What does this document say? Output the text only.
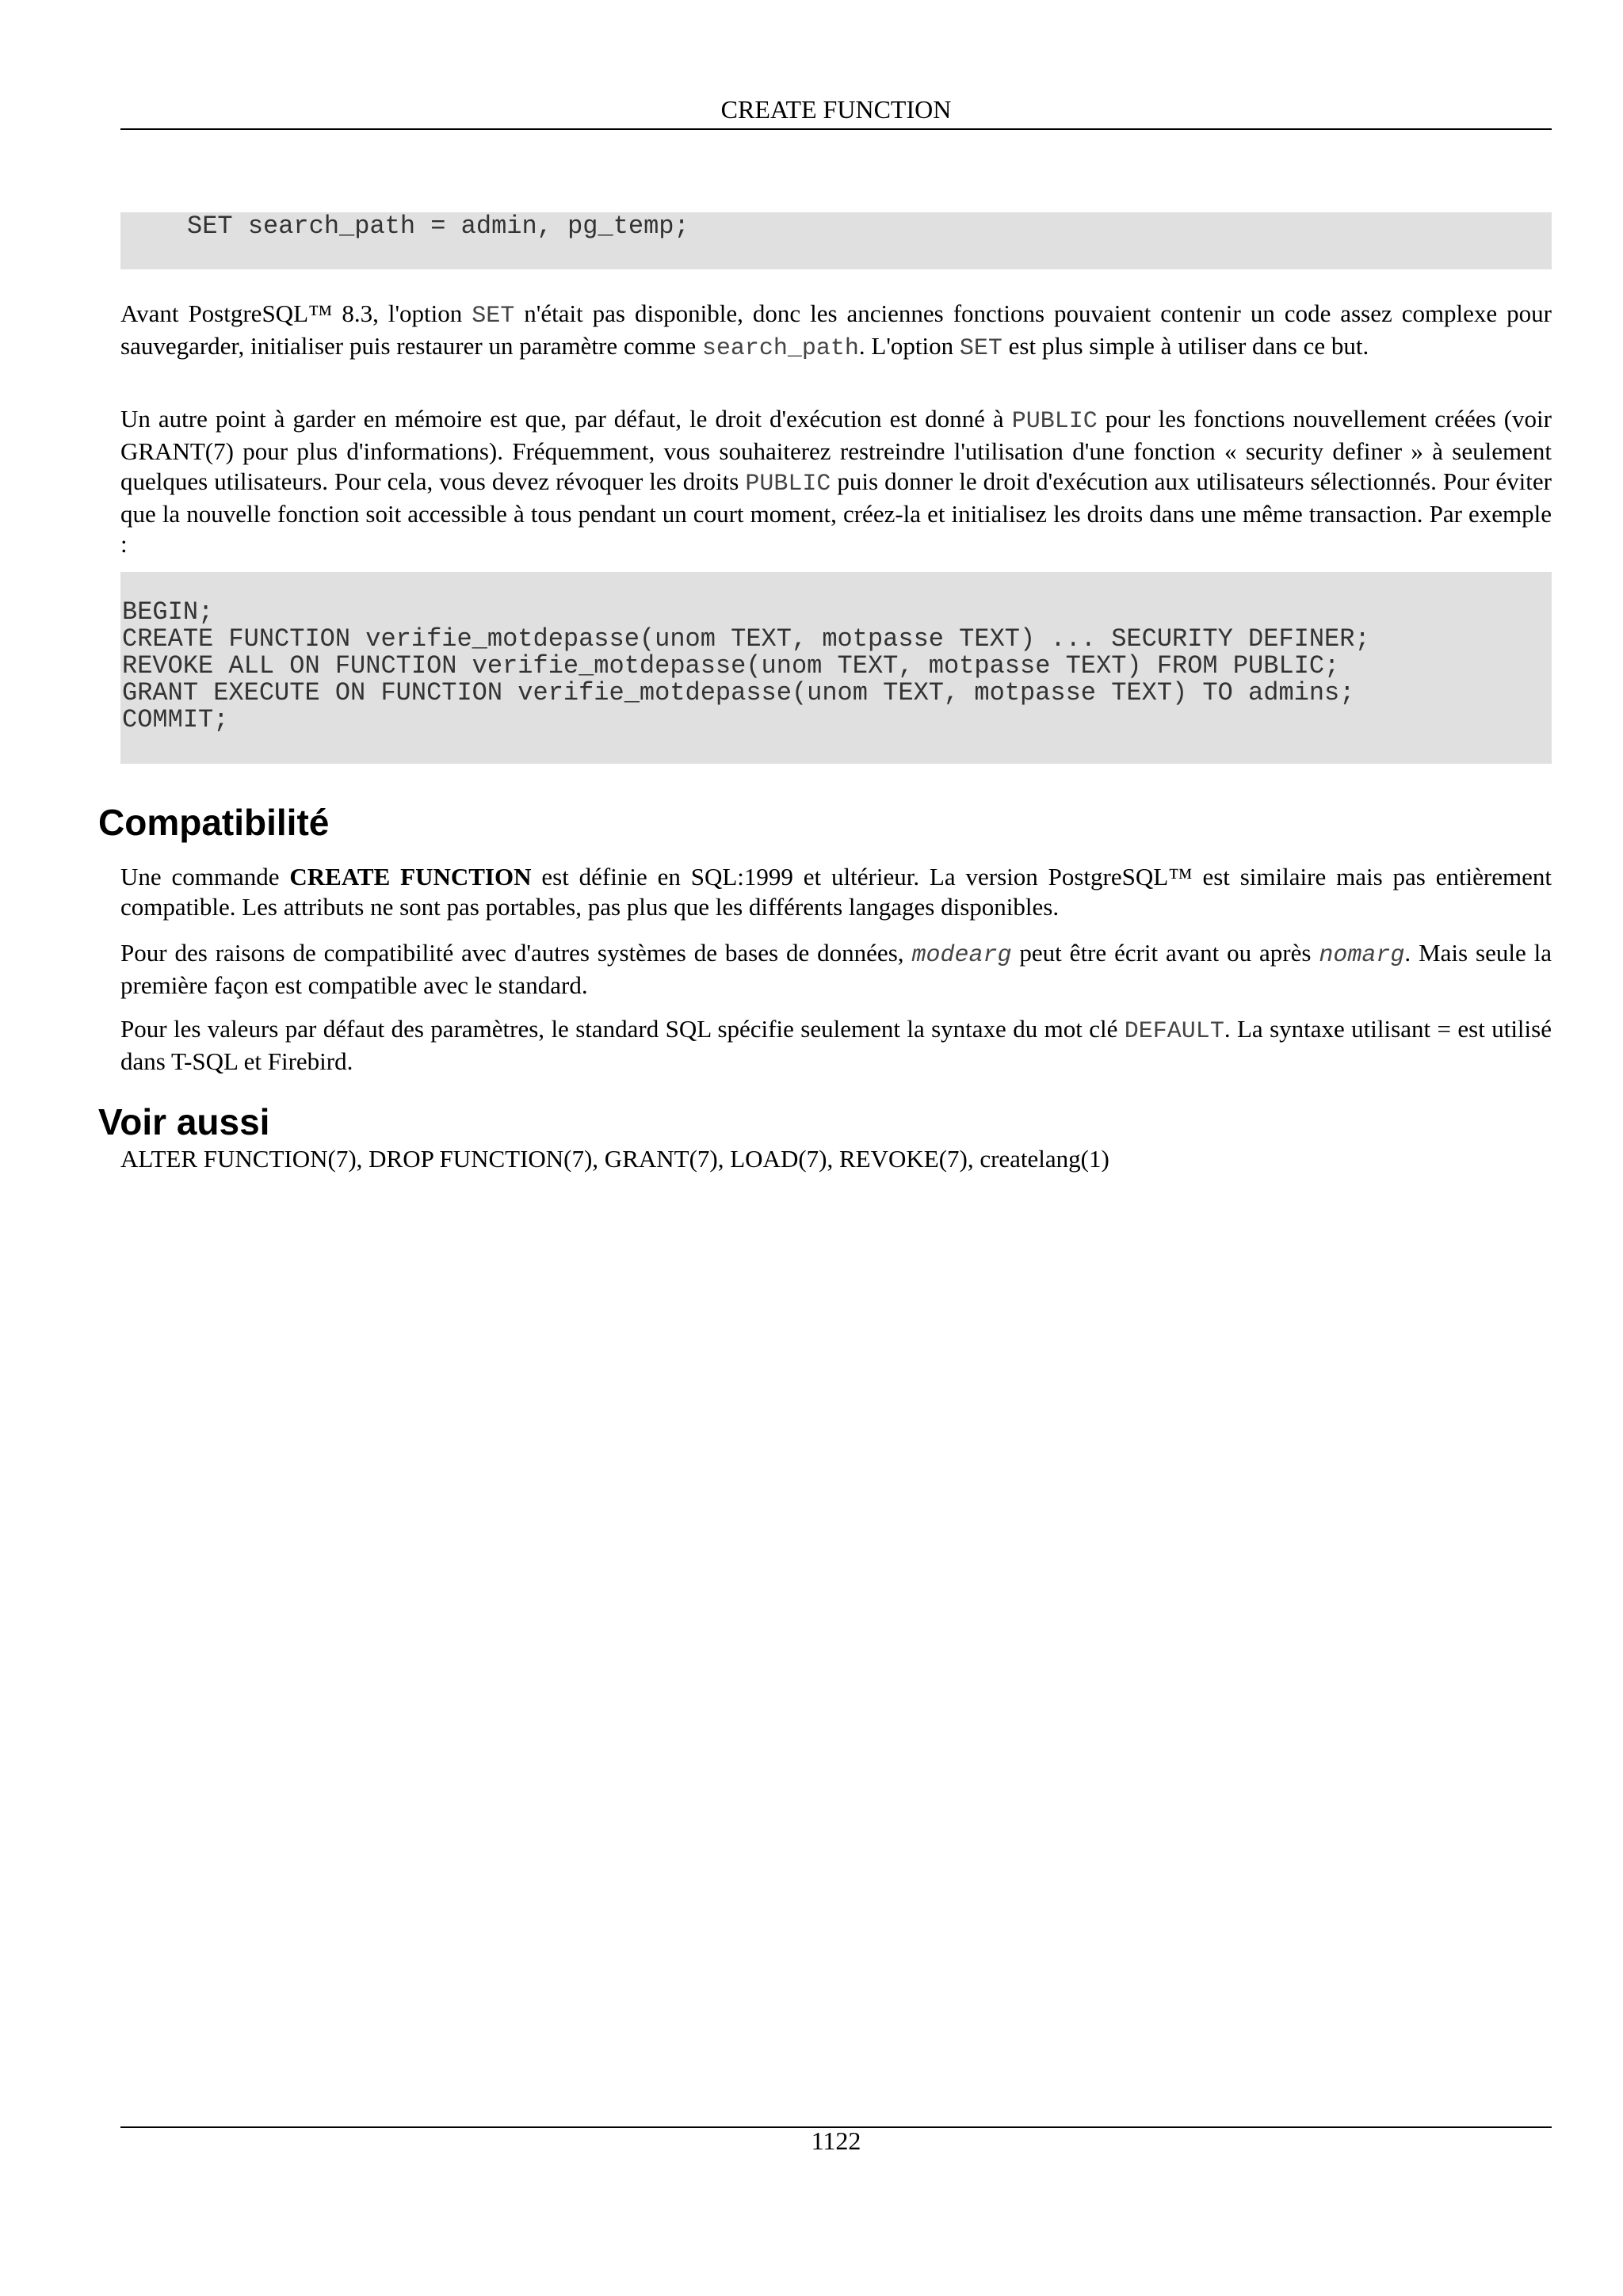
CREATE FUNCTION
SET search_path = admin, pg_temp;
Avant PostgreSQL™ 8.3, l'option SET n'était pas disponible, donc les anciennes fonctions pouvaient contenir un code assez complexe pour sauvegarder, initialiser puis restaurer un paramètre comme search_path. L'option SET est plus simple à utiliser dans ce but.
Un autre point à garder en mémoire est que, par défaut, le droit d'exécution est donné à PUBLIC pour les fonctions nouvellement créées (voir GRANT(7) pour plus d'informations). Fréquemment, vous souhaiterez restreindre l'utilisation d'une fonction « security definer » à seulement quelques utilisateurs. Pour cela, vous devez révoquer les droits PUBLIC puis donner le droit d'exécution aux utilisateurs sélectionnés. Pour éviter que la nouvelle fonction soit accessible à tous pendant un court moment, créez-la et initialisez les droits dans une même transaction. Par exemple :
BEGIN;
CREATE FUNCTION verifie_motdepasse(unom TEXT, motpasse TEXT) ... SECURITY DEFINER;
REVOKE ALL ON FUNCTION verifie_motdepasse(unom TEXT, motpasse TEXT) FROM PUBLIC;
GRANT EXECUTE ON FUNCTION verifie_motdepasse(unom TEXT, motpasse TEXT) TO admins;
COMMIT;
Compatibilité
Une commande CREATE FUNCTION est définie en SQL:1999 et ultérieur. La version PostgreSQL™ est similaire mais pas entièrement compatible. Les attributs ne sont pas portables, pas plus que les différents langages disponibles.
Pour des raisons de compatibilité avec d'autres systèmes de bases de données, modearg peut être écrit avant ou après nomarg. Mais seule la première façon est compatible avec le standard.
Pour les valeurs par défaut des paramètres, le standard SQL spécifie seulement la syntaxe du mot clé DEFAULT. La syntaxe utilisant = est utilisé dans T-SQL et Firebird.
Voir aussi
ALTER FUNCTION(7), DROP FUNCTION(7), GRANT(7), LOAD(7), REVOKE(7), createlang(1)
1122
